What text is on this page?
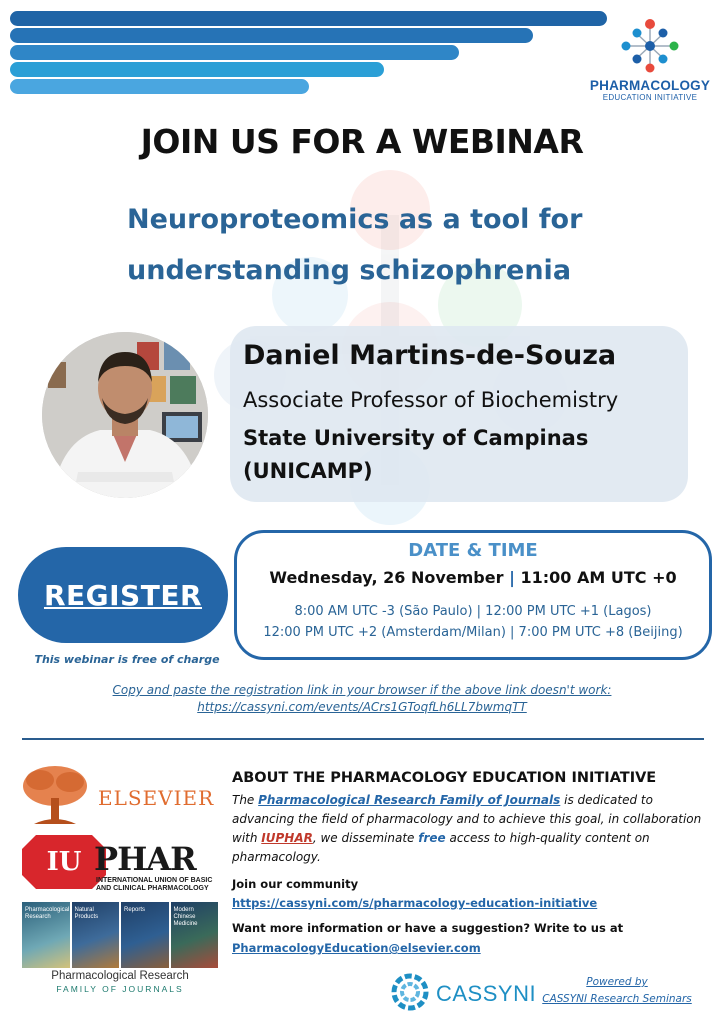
PHARMACOLOGY
EDUCATION INITIATIVE
JOIN US FOR A WEBINAR
Neuroproteomics as a tool for
understanding schizophrenia
Daniel Martins-de-Souza
Associate Professor of Biochemistry
State University of Campinas
(UNICAMP)
REGISTER
This webinar is free of charge
DATE & TIME
Wednesday, 26 November | 11:00 AM UTC +0
8:00 AM UTC -3 (São Paulo) | 12:00 PM UTC +1 (Lagos)
12:00 PM UTC +2 (Amsterdam/Milan) | 7:00 PM UTC +8 (Beijing)
Copy and paste the registration link in your browser if the above link doesn't work:
https://cassyni.com/events/ACrs1GToqfLh6LL7bwmqTT
ELSEVIER
IU PHAR
INTERNATIONAL UNION OF BASIC
AND CLINICAL PHARMACOLOGY
Pharmacological Research
Natural Products
Reports	Modern Chinese Medicine
Pharmacological Research
FAMILY OF JOURNALS
ABOUT THE PHARMACOLOGY EDUCATION INITIATIVE
The Pharmacological Research Family of Journals is dedicated to advancing the field of pharmacology and to achieve this goal, in collaboration with IUPHAR, we disseminate free access to high-quality content on pharmacology.
Join our community
https://cassyni.com/s/pharmacology-education-initiative
Want more information or have a suggestion? Write to us at
PharmacologyEducation@elsevier.com
CASSYNI	Powered by
CASSYNI Research Seminars
